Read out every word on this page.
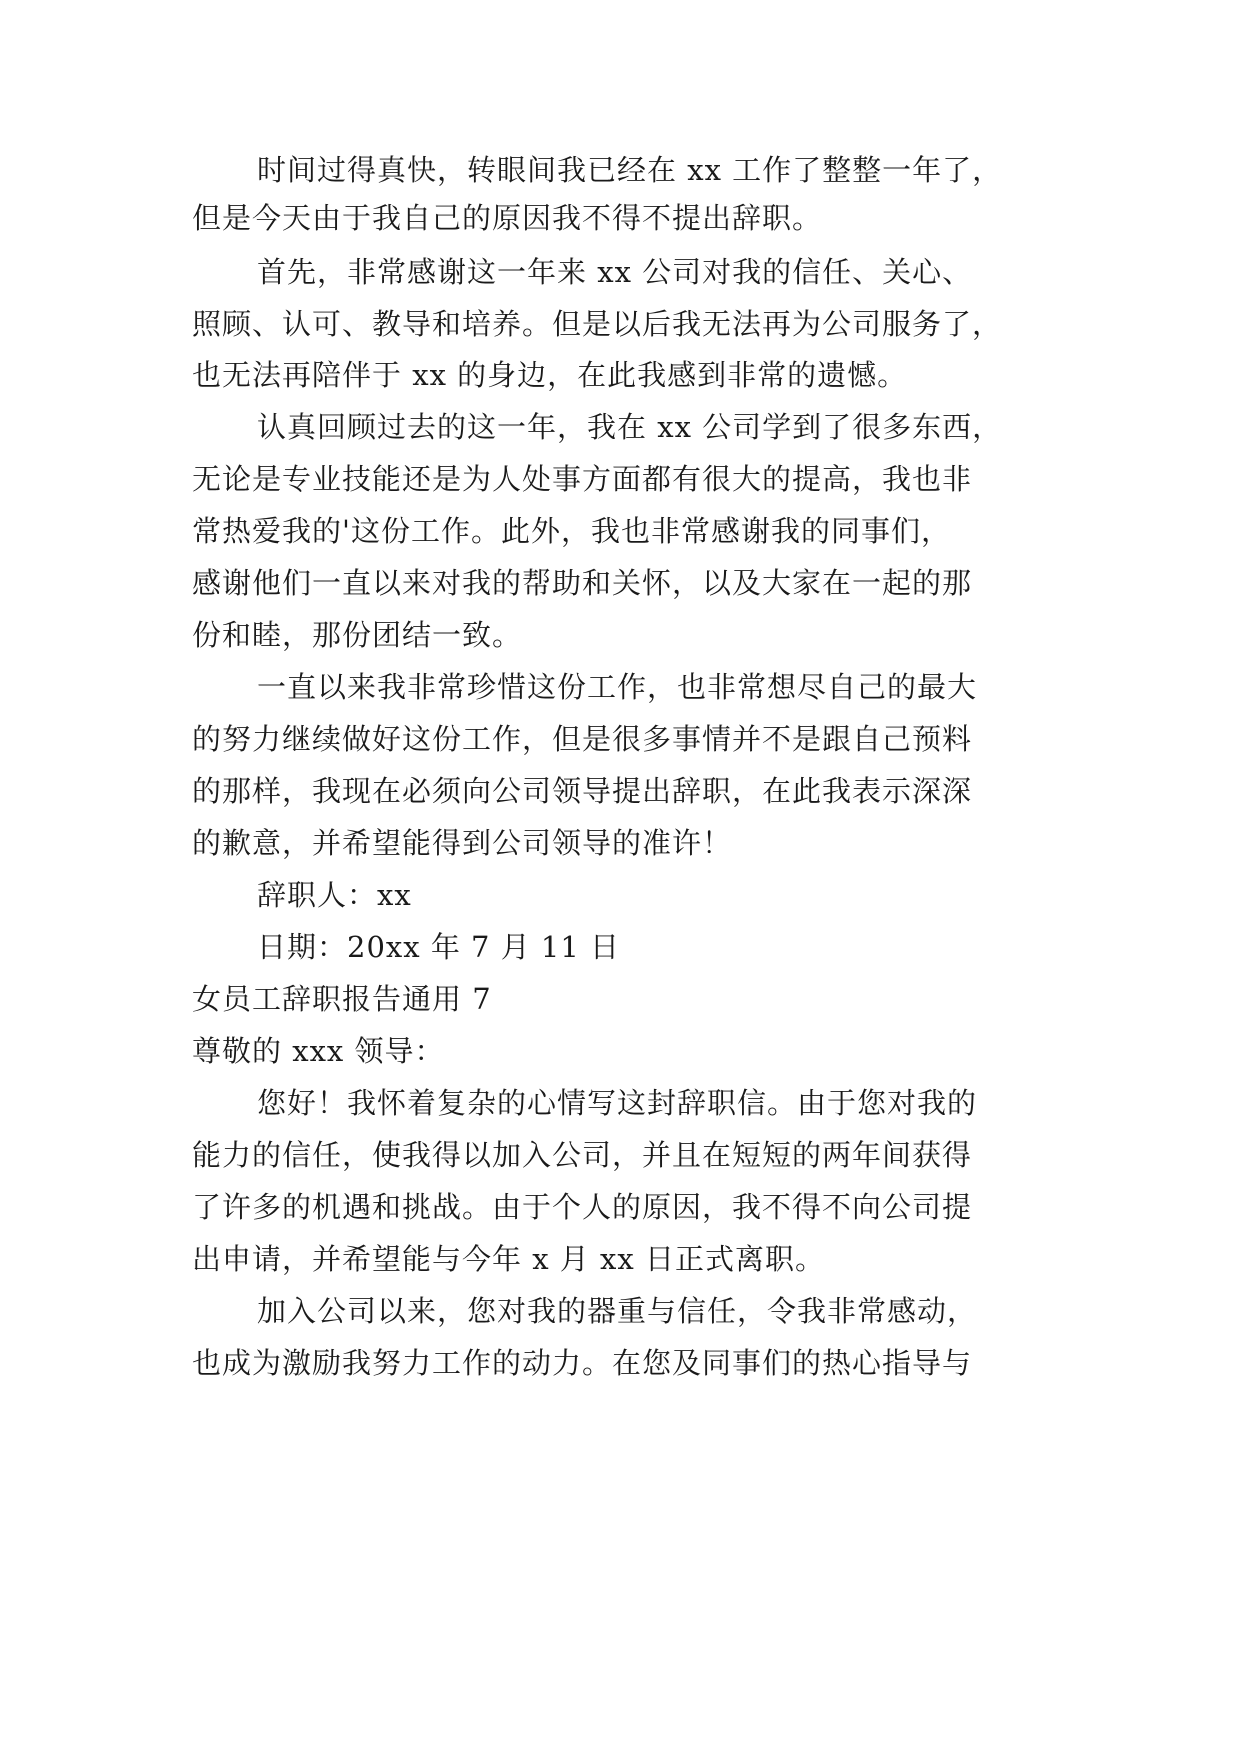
时间过得真快，转眼间我已经在 xx 工作了整整一年了，

但是今天由于我自己的原因我不得不提出辞职。

首先，非常感谢这一年来 xx 公司对我的信任、关心、

照顾、认可、教导和培养。但是以后我无法再为公司服务了，

也无法再陪伴于 xx 的身边，在此我感到非常的遗憾。

认真回顾过去的这一年，我在 xx 公司学到了很多东西，

无论是专业技能还是为人处事方面都有很大的提高，我也非

常热爱我的'这份工作。此外，我也非常感谢我的同事们，

感谢他们一直以来对我的帮助和关怀，以及大家在一起的那

份和睦，那份团结一致。

一直以来我非常珍惜这份工作，也非常想尽自己的最大

的努力继续做好这份工作，但是很多事情并不是跟自己预料

的那样，我现在必须向公司领导提出辞职，在此我表示深深

的歉意，并希望能得到公司领导的准许！

辞职人：xx

日期：20xx 年 7 月 11 日

女员工辞职报告通用 7

尊敬的 xxx 领导：

您好！我怀着复杂的心情写这封辞职信。由于您对我的

能力的信任，使我得以加入公司，并且在短短的两年间获得

了许多的机遇和挑战。由于个人的原因，我不得不向公司提

出申请，并希望能与今年 x 月 xx 日正式离职。

加入公司以来，您对我的器重与信任，令我非常感动，

也成为激励我努力工作的动力。在您及同事们的热心指导与
